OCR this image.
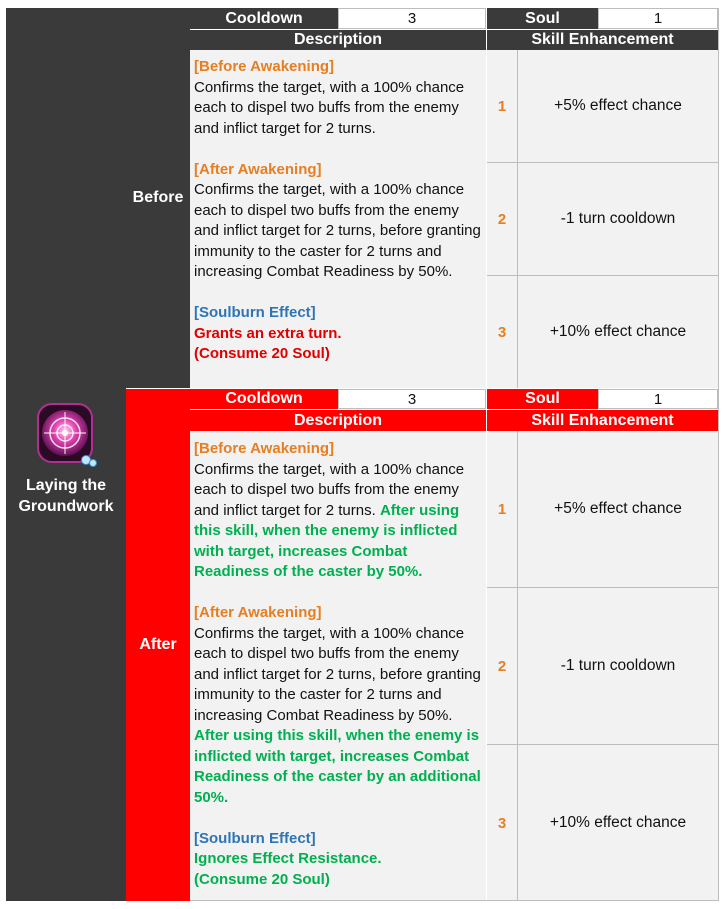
Laying the
Groundwork
Before
Cooldown	3	Soul	1
Description	Skill Enhancement

[Before Awakening]
Confirms the target, with a 100% chance each to dispel two buffs from the enemy and inflict target for 2 turns.

[After Awakening]
Confirms the target, with a 100% chance each to dispel two buffs from the enemy and inflict target for 2 turns, before granting immunity to the caster for 2 turns and increasing Combat Readiness by 50%.

[Soulburn Effect]
Grants an extra turn.
(Consume 20 Soul)

1	+5% effect chance
2	-1 turn cooldown
3	+10% effect chance
After
Cooldown	3	Soul	1
Description	Skill Enhancement

[Before Awakening]
Confirms the target, with a 100% chance each to dispel two buffs from the enemy and inflict target for 2 turns. After using this skill, when the enemy is inflicted with target, increases Combat Readiness of the caster by 50%.

[After Awakening]
Confirms the target, with a 100% chance each to dispel two buffs from the enemy and inflict target for 2 turns, before granting immunity to the caster for 2 turns and increasing Combat Readiness by 50%. After using this skill, when the enemy is inflicted with target, increases Combat Readiness of the caster by an additional 50%.

[Soulburn Effect]
Ignores Effect Resistance.
(Consume 20 Soul)

1	+5% effect chance
2	-1 turn cooldown
3	+10% effect chance
